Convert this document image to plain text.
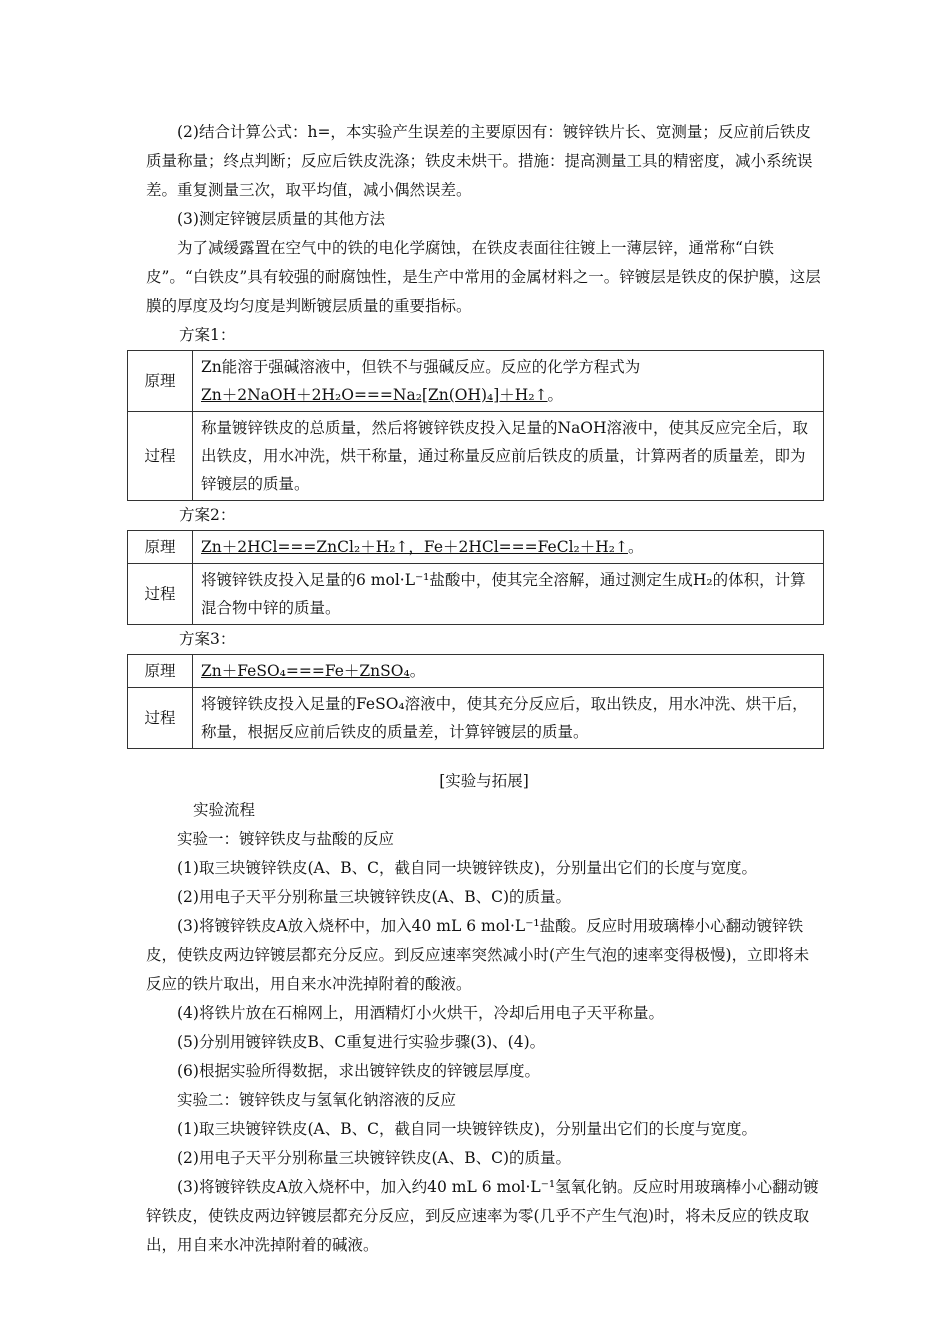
(2)结合计算公式：h=，本实验产生误差的主要原因有：镀锌铁片长、宽测量；反应前后铁皮质量称量；终点判断；反应后铁皮洗涤；铁皮未烘干。措施：提高测量工具的精密度，减小系统误差。重复测量三次，取平均值，减小偶然误差。

(3)测定锌镀层质量的其他方法

为了减缓露置在空气中的铁的电化学腐蚀，在铁皮表面往往镀上一薄层锌，通常称“白铁皮”。“白铁皮”具有较强的耐腐蚀性，是生产中常用的金属材料之一。锌镀层是铁皮的保护膜，这层膜的厚度及均匀度是判断镀层质量的重要指标。

方案1：
原理	Zn能溶于强碱溶液中，但铁不与强碱反应。反应的化学方程式为
Zn＋2NaOH＋2H₂O===Na₂[Zn(OH)₄]＋H₂↑。

过程	称量镀锌铁皮的总质量，然后将镀锌铁皮投入足量的NaOH溶液中，使其反应完全后，取出铁皮，用水冲洗，烘干称量，通过称量反应前后铁皮的质量，计算两者的质量差，即为锌镀层的质量。
方案2：
原理	Zn＋2HCl===ZnCl₂＋H₂↑，Fe＋2HCl===FeCl₂＋H₂↑。
过程	将镀锌铁皮投入足量的6 mol·L⁻¹盐酸中，使其完全溶解，通过测定生成H₂的体积，计算混合物中锌的质量。
方案3：
原理	Zn＋FeSO₄===Fe＋ZnSO₄。
过程	将镀锌铁皮投入足量的FeSO₄溶液中，使其充分反应后，取出铁皮，用水冲洗、烘干后，称量，根据反应前后铁皮的质量差，计算锌镀层的质量。

[实验与拓展]

实验流程

实验一：镀锌铁皮与盐酸的反应

(1)取三块镀锌铁皮(A、B、C，截自同一块镀锌铁皮)，分别量出它们的长度与宽度。

(2)用电子天平分别称量三块镀锌铁皮(A、B、C)的质量。

(3)将镀锌铁皮A放入烧杯中，加入40 mL 6 mol·L⁻¹盐酸。反应时用玻璃棒小心翻动镀锌铁皮，使铁皮两边锌镀层都充分反应。到反应速率突然减小时(产生气泡的速率变得极慢)，立即将未反应的铁片取出，用自来水冲洗掉附着的酸液。

(4)将铁片放在石棉网上，用酒精灯小火烘干，冷却后用电子天平称量。

(5)分别用镀锌铁皮B、C重复进行实验步骤(3)、(4)。

(6)根据实验所得数据，求出镀锌铁皮的锌镀层厚度。

实验二：镀锌铁皮与氢氧化钠溶液的反应

(1)取三块镀锌铁皮(A、B、C，截自同一块镀锌铁皮)，分别量出它们的长度与宽度。

(2)用电子天平分别称量三块镀锌铁皮(A、B、C)的质量。

(3)将镀锌铁皮A放入烧杯中，加入约40 mL 6 mol·L⁻¹氢氧化钠。反应时用玻璃棒小心翻动镀锌铁皮，使铁皮两边锌镀层都充分反应，到反应速率为零(几乎不产生气泡)时，将未反应的铁皮取出，用自来水冲洗掉附着的碱液。
